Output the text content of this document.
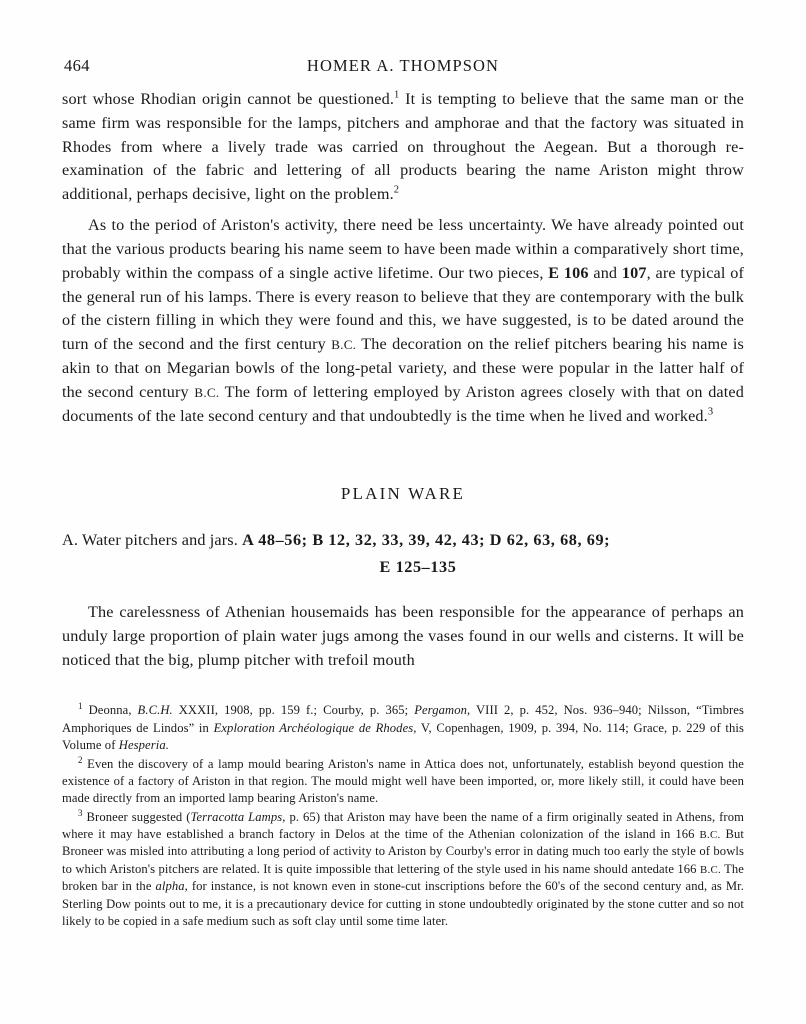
464	HOMER A. THOMPSON

sort whose Rhodian origin cannot be questioned.$^1$ It is tempting to believe that the same man or the same firm was responsible for the lamps, pitchers and amphorae and that the factory was situated in Rhodes from where a lively trade was carried on throughout the Aegean. But a thorough re-examination of the fabric and lettering of all products bearing the name Ariston might throw additional, perhaps decisive, light on the problem.$^2$

As to the period of Ariston's activity, there need be less uncertainty. We have already pointed out that the various products bearing his name seem to have been made within a comparatively short time, probably within the compass of a single active lifetime. Our two pieces, E 106 and 107, are typical of the general run of his lamps. There is every reason to believe that they are contemporary with the bulk of the cistern filling in which they were found and this, we have suggested, is to be dated around the turn of the second and the first century B.C. The decoration on the relief pitchers bearing his name is akin to that on Megarian bowls of the long-petal variety, and these were popular in the latter half of the second century B.C. The form of lettering employed by Ariston agrees closely with that on dated documents of the late second century and that undoubtedly is the time when he lived and worked.$^3$

PLAIN WARE
A. Water pitchers and jars. A 48–56; B 12, 32, 33, 39, 42, 43; D 62, 63, 68, 69;
E 125–135

The carelessness of Athenian housemaids has been responsible for the appearance of perhaps an unduly large proportion of plain water jugs among the vases found in our wells and cisterns. It will be noticed that the big, plump pitcher with trefoil mouth

$^1$ Deonna, B.C.H. XXXII, 1908, pp. 159 f.; Courby, p. 365; Pergamon, VIII 2, p. 452, Nos. 936–940; Nilsson, “Timbres Amphoriques de Lindos” in Exploration Archéologique de Rhodes, V, Copenhagen, 1909, p. 394, No. 114; Grace, p. 229 of this Volume of Hesperia.

$^2$ Even the discovery of a lamp mould bearing Ariston's name in Attica does not, unfortunately, establish beyond question the existence of a factory of Ariston in that region. The mould might well have been imported, or, more likely still, it could have been made directly from an imported lamp bearing Ariston's name.

$^3$ Broneer suggested (Terracotta Lamps, p. 65) that Ariston may have been the name of a firm originally seated in Athens, from where it may have established a branch factory in Delos at the time of the Athenian colonization of the island in 166 B.C. But Broneer was misled into attributing a long period of activity to Ariston by Courby's error in dating much too early the style of bowls to which Ariston's pitchers are related. It is quite impossible that lettering of the style used in his name should antedate 166 B.C. The broken bar in the alpha, for instance, is not known even in stone-cut inscriptions before the 60's of the second century and, as Mr. Sterling Dow points out to me, it is a precautionary device for cutting in stone undoubtedly originated by the stone cutter and so not likely to be copied in a safe medium such as soft clay until some time later.
